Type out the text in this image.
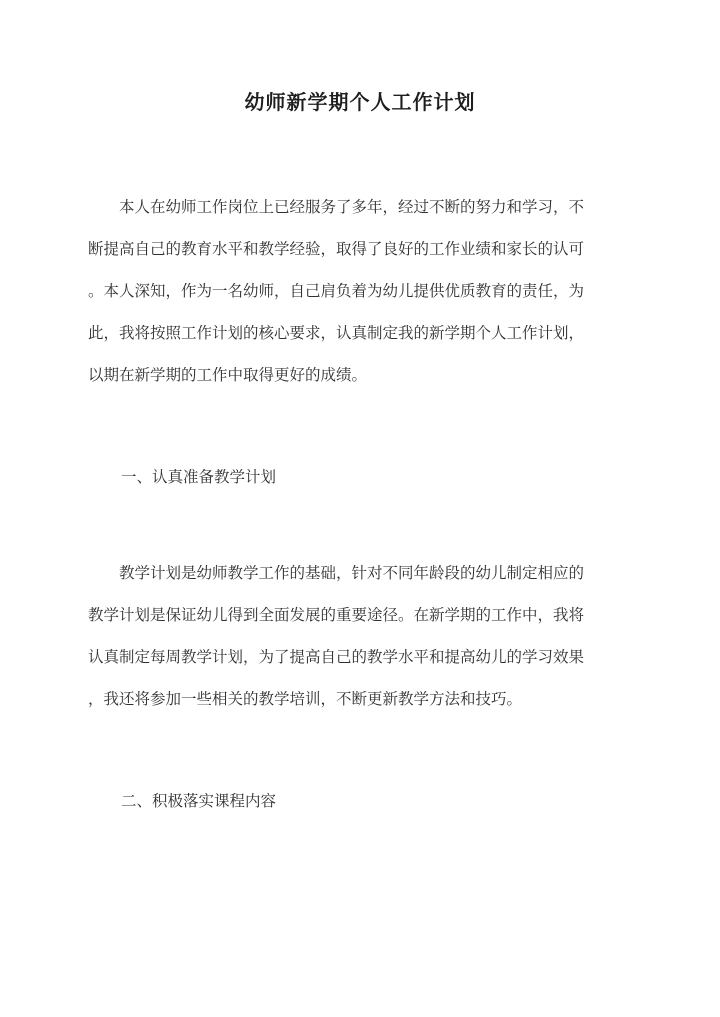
幼师新学期个人工作计划
　　本人在幼师工作岗位上已经服务了多年，经过不断的努力和学习，不
断提高自己的教育水平和教学经验，取得了良好的工作业绩和家长的认可
。本人深知，作为一名幼师，自己肩负着为幼儿提供优质教育的责任，为
此，我将按照工作计划的核心要求，认真制定我的新学期个人工作计划，
以期在新学期的工作中取得更好的成绩。
一、认真准备教学计划
　　教学计划是幼师教学工作的基础，针对不同年龄段的幼儿制定相应的
教学计划是保证幼儿得到全面发展的重要途径。在新学期的工作中，我将
认真制定每周教学计划，为了提高自己的教学水平和提高幼儿的学习效果
，我还将参加一些相关的教学培训，不断更新教学方法和技巧。
二、积极落实课程内容
